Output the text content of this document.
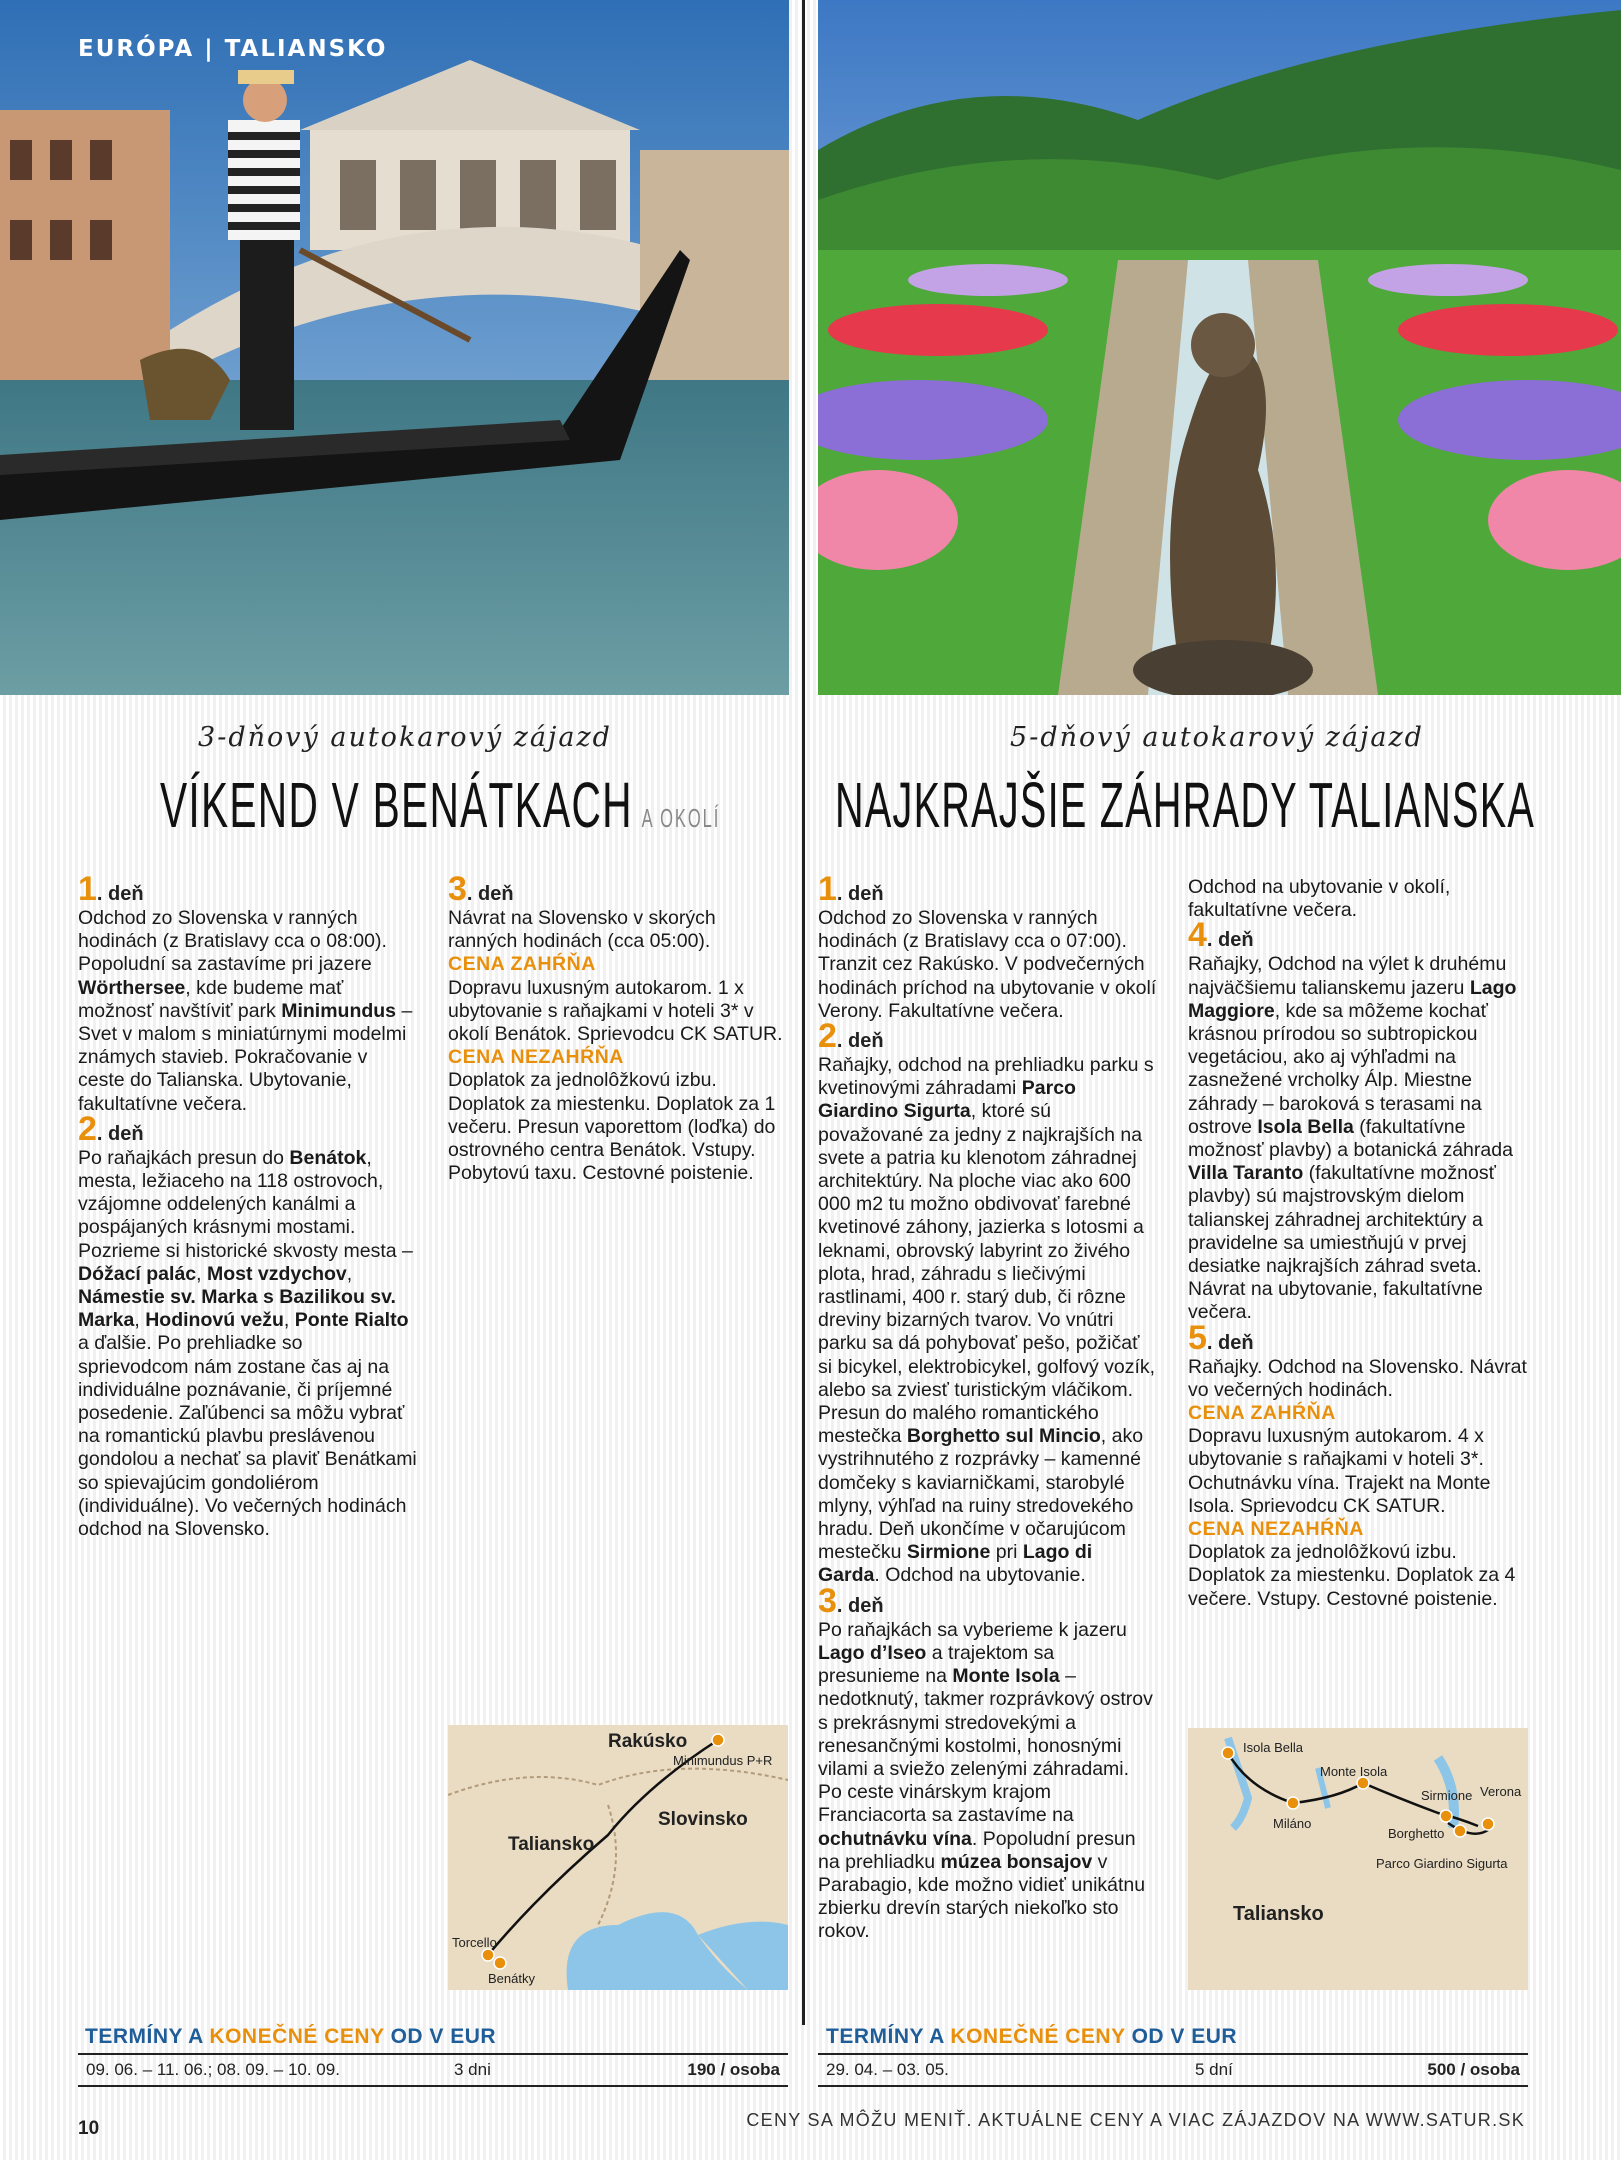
EURÓPA | TALIANSKO
3-dňový autokarový zájazd
VÍKEND V BENÁTKACH A OKOLÍ
5-dňový autokarový zájazd
NAJKRAJŠIE ZÁHRADY TALIANSKA

1. deň

Odchod zo Slovenska v ranných hodinách (z Bratislavy cca o 08:00). Popoludní sa zastavíme pri jazere Wörthersee, kde budeme mať možnosť navštíviť park Minimundus – Svet v malom s miniatúrnymi modelmi známych stavieb. Pokračovanie v ceste do Talianska. Ubytovanie, fakultatívne večera.

2. deň

Po raňajkách presun do Benátok, mesta, ležiaceho na 118 ostrovoch, vzájomne oddelených kanálmi a pospájaných krásnymi mostami. Pozrieme si historické skvosty mesta – Dóžací palác, Most vzdychov, Námestie sv. Marka s Bazilikou sv. Marka, Hodinovú vežu, Ponte Rialto a ďalšie. Po prehliadke so sprievodcom nám zostane čas aj na individuálne poznávanie, či príjemné posedenie. Zaľúbenci sa môžu vybrať na romantickú plavbu preslávenou gondolou a nechať sa plaviť Benátkami so spievajúcim gondoliérom (individuálne). Vo večerných hodinách odchod na Slovensko.

3. deň

Návrat na Slovensko v skorých ranných hodinách (cca 05:00).

CENA ZAHŔŇA

Dopravu luxusným autokarom. 1 x ubytovanie s raňajkami v hoteli 3* v okolí Benátok. Sprievodcu CK SATUR.

CENA NEZAHŔŇA

Doplatok za jednolôžkovú izbu. Doplatok za miestenku. Doplatok za 1 večeru. Presun vaporettom (loďka) do ostrovného centra Benátok. Vstupy. Pobytovú taxu. Cestovné poistenie.

Rakúsko
Minimundus P+R
Slovinsko
Taliansko
Torcello
Benátky

1. deň

Odchod zo Slovenska v ranných hodinách (z Bratislavy cca o 07:00). Tranzit cez Rakúsko. V podvečerných hodinách príchod na ubytovanie v okolí Verony. Fakultatívne večera.

2. deň

Raňajky, odchod na prehliadku parku s kvetinovými záhradami Parco Giardino Sigurta, ktoré sú považované za jedny z najkrajších na svete a patria ku klenotom záhradnej architektúry. Na ploche viac ako 600 000 m2 tu možno obdivovať farebné kvetinové záhony, jazierka s lotosmi a leknami, obrovský labyrint zo živého plota, hrad, záhradu s liečivými rastlinami, 400 r. starý dub, či rôzne dreviny bizarných tvarov. Vo vnútri parku sa dá pohybovať pešo, požičať si bicykel, elektrobicykel, golfový vozík, alebo sa zviesť turistickým vláčikom. Presun do malého romantického mestečka Borghetto sul Mincio, ako vystrihnutého z rozprávky – kamenné domčeky s kaviarničkami, starobylé mlyny, výhľad na ruiny stredovekého hradu. Deň ukončíme v očarujúcom mestečku Sirmione pri Lago di Garda. Odchod na ubytovanie.

3. deň

Po raňajkách sa vyberieme k jazeru Lago d’Iseo a trajektom sa presunieme na Monte Isola – nedotknutý, takmer rozprávkový ostrov s prekrásnymi stredovekými a renesančnými kostolmi, honosnými vilami a sviežo zelenými záhradami. Po ceste vinárskym krajom Franciacorta sa zastavíme na ochutnávku vína. Popoludní presun na prehliadku múzea bonsajov v Parabagio, kde možno vidieť unikátnu zbierku drevín starých niekoľko sto rokov.

Odchod na ubytovanie v okolí, fakultatívne večera.

4. deň

Raňajky, Odchod na výlet k druhému najväčšiemu talianskemu jazeru Lago Maggiore, kde sa môžeme kochať krásnou prírodou so subtropickou vegetáciou, ako aj výhľadmi na zasnežené vrcholky Álp. Miestne záhrady – baroková s terasami na ostrove Isola Bella (fakultatívne možnosť plavby) a botanická záhrada Villa Taranto (fakultatívne možnosť plavby) sú majstrovským dielom talianskej záhradnej architektúry a pravidelne sa umiestňujú v prvej desiatke najkrajších záhrad sveta. Návrat na ubytovanie, fakultatívne večera.

5. deň

Raňajky. Odchod na Slovensko. Návrat vo večerných hodinách.

CENA ZAHŔŇA

Dopravu luxusným autokarom. 4 x ubytovanie s raňajkami v hoteli 3*. Ochutnávku vína. Trajekt na Monte Isola. Sprievodcu CK SATUR.

CENA NEZAHŔŇA

Doplatok za jednolôžkovú izbu. Doplatok za miestenku. Doplatok za 4 večere. Vstupy. Cestovné poistenie.

Isola Bella
Monte Isola
Sirmione Verona
Miláno
Borghetto
Parco Giardino Sigurta
Taliansko
TERMÍNY A KONEČNÉ CENY OD V EUR
09. 06. – 11. 06.; 08. 09. – 10. 09.	3 dni	190 / osoba
TERMÍNY A KONEČNÉ CENY OD V EUR
29. 04. – 03. 05.	5 dní	500 / osoba
10	CENY SA MÔŽU MENIŤ. AKTUÁLNE CENY A VIAC ZÁJAZDOV NA WWW.SATUR.SK
